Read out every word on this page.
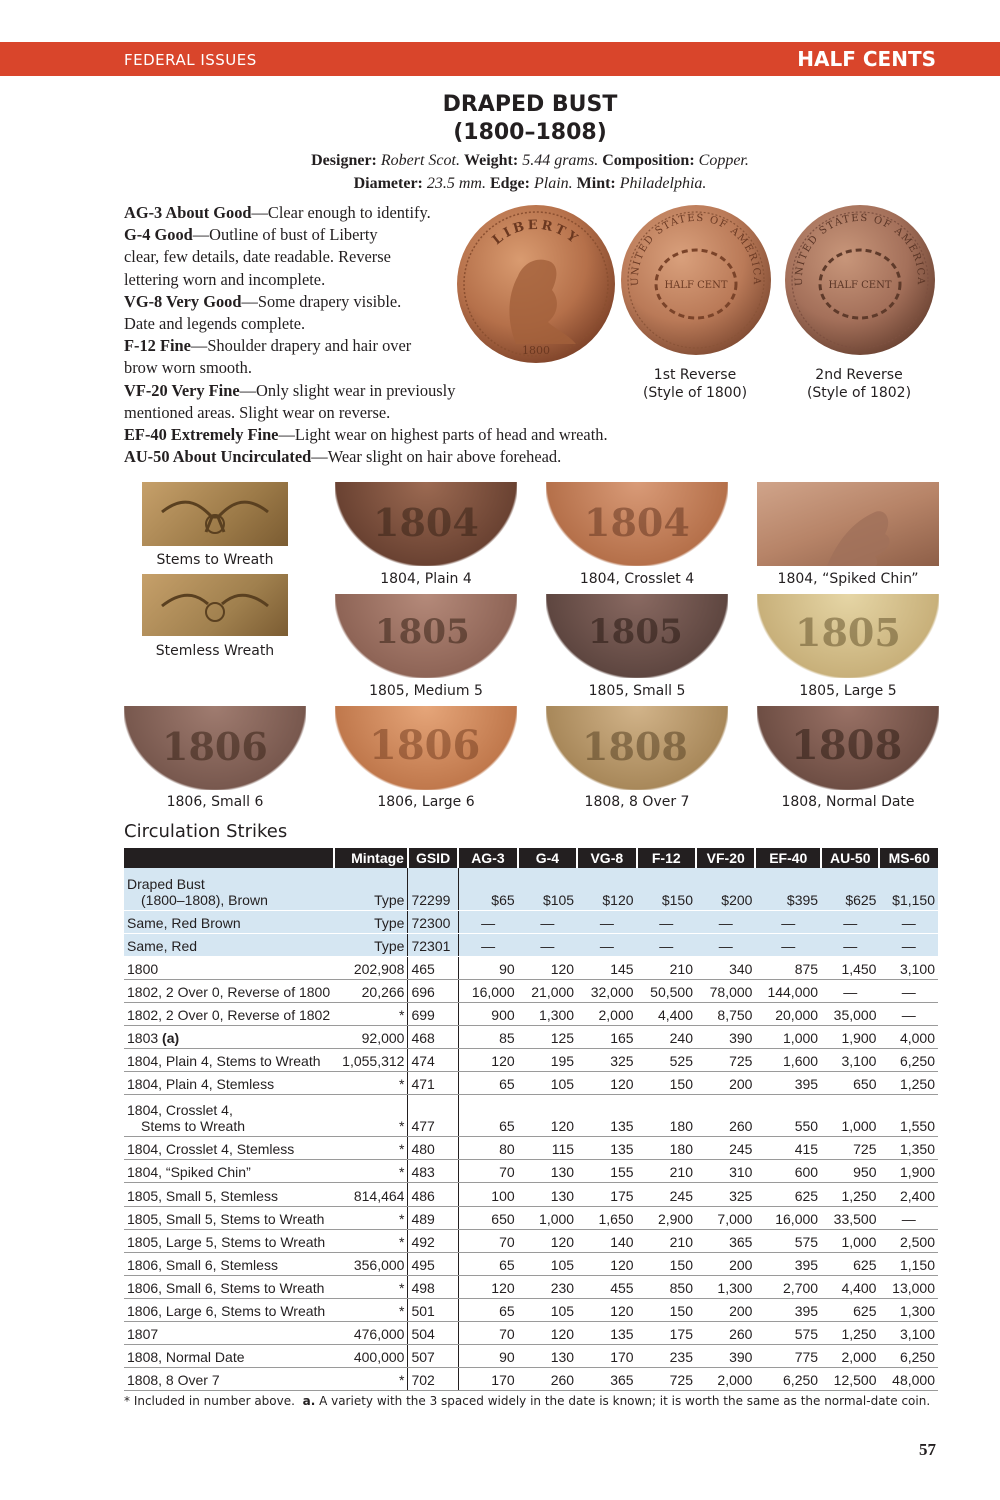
FEDERAL ISSUES	HALF CENTS
DRAPED BUST
(1800–1808)
Designer: Robert Scot. Weight: 5.44 grams. Composition: Copper.
Diameter: 23.5 mm. Edge: Plain. Mint: Philadelphia.
AG-3 About Good—Clear enough to identify.
G-4 Good—Outline of bust of Liberty
clear, few details, date readable. Reverse
lettering worn and incomplete.
VG-8 Very Good—Some drapery visible.
Date and legends complete.
F-12 Fine—Shoulder drapery and hair over
brow worn smooth.
VF-20 Very Fine—Only slight wear in previously
mentioned areas. Slight wear on reverse.
EF-40 Extremely Fine—Light wear on highest parts of head and wreath.
AU-50 About Uncirculated—Wear slight on hair above forehead.
LIBERTY
1800
UNITED STATES OF AMERICA
HALF CENT	UNITED STATES OF AMERICA
HALF CENT
1st Reverse
(Style of 1800)
2nd Reverse
(Style of 1802)
Stems to Wreath
Stemless Wreath
1804
1804, Plain 4
1804
1804, Crosslet 4	1804, “Spiked Chin”
1805
1805, Medium 5
1805
1805, Small 5
1805
1805, Large 5
1806
1806, Small 6
1806
1806, Large 6
1808
1808, 8 Over 7
1808
1808, Normal Date
Circulation Strikes
	Mintage	GSID	AG-3	G-4	VG-8	F-12	VF-20	EF-40	AU-50	MS-60

Draped Bust
(1800–1808), Brown	Type	72299	$65	$105	$120	$150	$200	$395	$625	$1,150

Same, Red Brown	Type	72300	—	—	—	—	—	—	—	—

Same, Red	Type	72301	—	—	—	—	—	—	—	—

1800	202,908	465	90	120	145	210	340	875	1,450	3,100

1802, 2 Over 0, Reverse of 1800	20,266	696	16,000	21,000	32,000	50,500	78,000	144,000	—	—

1802, 2 Over 0, Reverse of 1802	*	699	900	1,300	2,000	4,400	8,750	20,000	35,000	—

1803 (a)	92,000	468	85	125	165	240	390	1,000	1,900	4,000

1804, Plain 4, Stems to Wreath	1,055,312	474	120	195	325	525	725	1,600	3,100	6,250

1804, Plain 4, Stemless	*	471	65	105	120	150	200	395	650	1,250

1804, Crosslet 4,
Stems to Wreath	*	477	65	120	135	180	260	550	1,000	1,550

1804, Crosslet 4, Stemless	*	480	80	115	135	180	245	415	725	1,350

1804, “Spiked Chin”	*	483	70	130	155	210	310	600	950	1,900

1805, Small 5, Stemless	814,464	486	100	130	175	245	325	625	1,250	2,400

1805, Small 5, Stems to Wreath	*	489	650	1,000	1,650	2,900	7,000	16,000	33,500	—

1805, Large 5, Stems to Wreath	*	492	70	120	140	210	365	575	1,000	2,500

1806, Small 6, Stemless	356,000	495	65	105	120	150	200	395	625	1,150

1806, Small 6, Stems to Wreath	*	498	120	230	455	850	1,300	2,700	4,400	13,000

1806, Large 6, Stems to Wreath	*	501	65	105	120	150	200	395	625	1,300

1807	476,000	504	70	120	135	175	260	575	1,250	3,100

1808, Normal Date	400,000	507	90	130	170	235	390	775	2,000	6,250

1808, 8 Over 7	*	702	170	260	365	725	2,000	6,250	12,500	48,000
* Included in number above. a. A variety with the 3 spaced widely in the date is known; it is worth the same as the normal-date coin.
57
